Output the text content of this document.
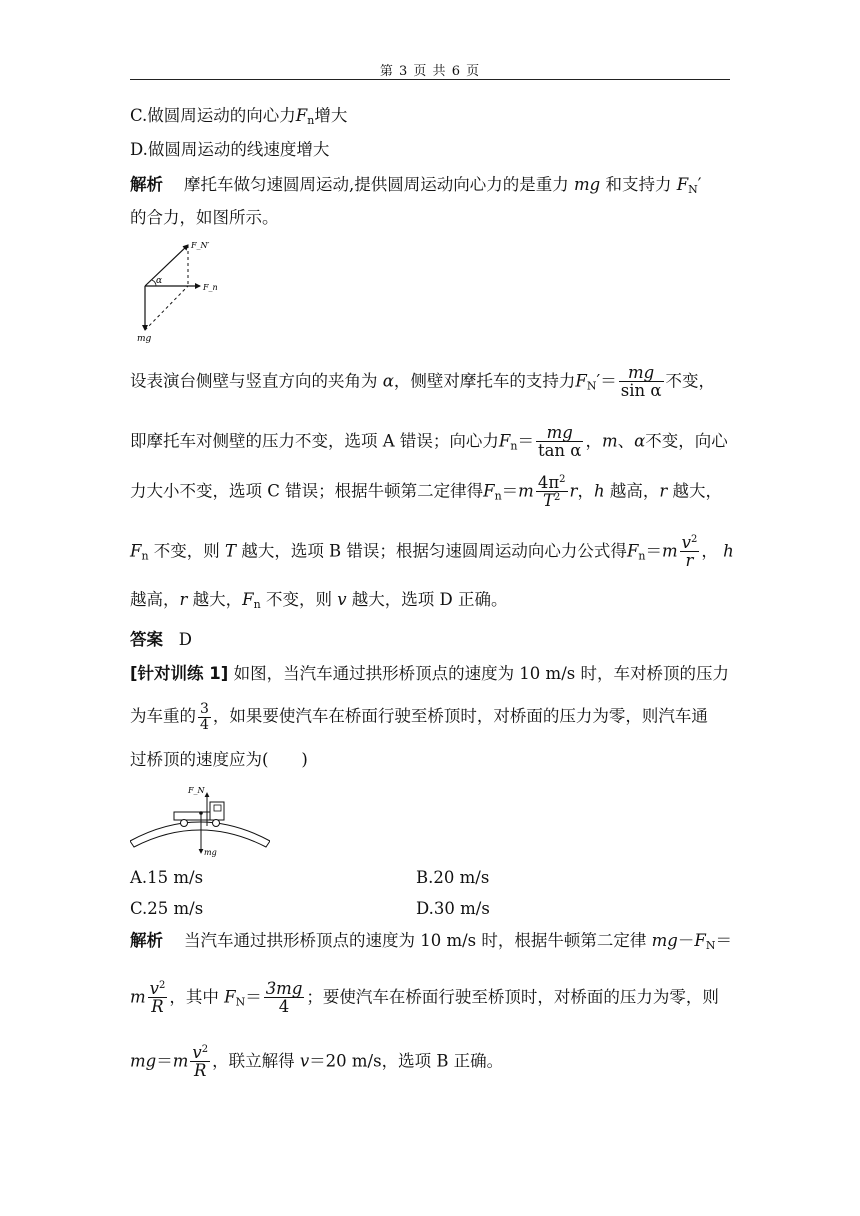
第 3 页 共 6 页
C.做圆周运动的向心力$F_n$增大
D.做圆周运动的线速度增大
解析 摩托车做匀速圆周运动,提供圆周运动向心力的是重力 mg 和支持力 $F_N'$
的合力，如图所示。
α
F_N′
F_n
mg
设表演台侧壁与竖直方向的夹角为 α，侧壁对摩托车的支持力$F_N'= \frac{mg}{\text{sin α}}$ 不变，
即摩托车对侧壁的压力不变，选项 A 错误；向心力$F_n= \frac{mg}{\text{tan α}}$ ，m、α不变，向心
力大小不变，选项 C 错误；根据牛顿第二定律得$F_n=m \frac{4\pi^2}{T^2}$ r，h 越高，r 越大，
$F_n$ 不变，则 T 越大，选项 B 错误；根据匀速圆周运动向心力公式得$F_n=m \frac{v^2}{r}$ ， h
越高，r 越大，$F_n$ 不变，则 v 越大，选项 D 正确。
答案 D
[针对训练 1] 如图，当汽车通过拱形桥顶点的速度为 10 m/s 时，车对桥顶的压力
为车重的 $\frac{3}{4}$ ，如果要使汽车在桥面行驶至桥顶时，对桥面的压力为零，则汽车通
过桥顶的速度应为(　　)
F_N
mg
A.15 m/s	B.20 m/s
C.25 m/s	D.30 m/s
解析 当汽车通过拱形桥顶点的速度为 10 m/s 时，根据牛顿第二定律 $mg-F_N=$
m $\frac{v^2}{R}$ ，其中 $F_N= \frac{3mg}{4}$ ；要使汽车在桥面行驶至桥顶时，对桥面的压力为零，则
$mg=m \frac{v^2}{R}$ ，联立解得 v＝20 m/s，选项 B 正确。
